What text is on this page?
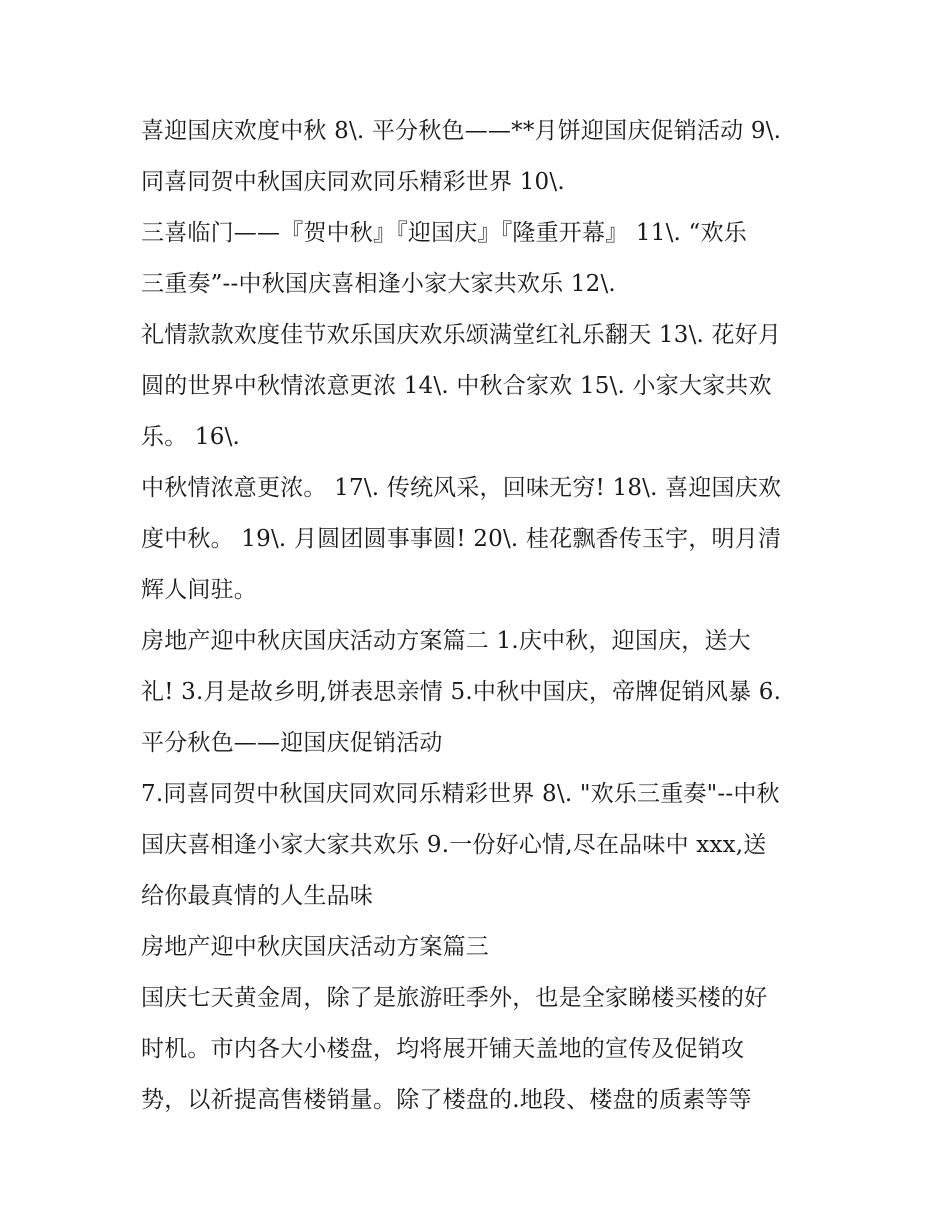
喜迎国庆欢度中秋 8\. 平分秋色——**月饼迎国庆促销活动 9\.
同喜同贺中秋国庆同欢同乐精彩世界 10\.
三喜临门——『贺中秋』『迎国庆』『隆重开幕』 11\. “欢乐
三重奏”--中秋国庆喜相逢小家大家共欢乐 12\.
礼情款款欢度佳节欢乐国庆欢乐颂满堂红礼乐翻天 13\. 花好月
圆的世界中秋情浓意更浓 14\. 中秋合家欢 15\. 小家大家共欢
乐。 16\.
中秋情浓意更浓。 17\. 传统风采，回味无穷! 18\. 喜迎国庆欢
度中秋。 19\. 月圆团圆事事圆! 20\. 桂花飘香传玉宇，明月清
辉人间驻。
房地产迎中秋庆国庆活动方案篇二 1.庆中秋，迎国庆，送大
礼! 3.月是故乡明,饼表思亲情 5.中秋中国庆，帝牌促销风暴 6.
平分秋色——迎国庆促销活动
7.同喜同贺中秋国庆同欢同乐精彩世界 8\. "欢乐三重奏"--中秋
国庆喜相逢小家大家共欢乐 9.一份好心情,尽在品味中 xxx,送
给你最真情的人生品味
房地产迎中秋庆国庆活动方案篇三
国庆七天黄金周，除了是旅游旺季外，也是全家睇楼买楼的好
时机。市内各大小楼盘，均将展开铺天盖地的宣传及促销攻
势，以祈提高售楼销量。除了楼盘的.地段、楼盘的质素等等
